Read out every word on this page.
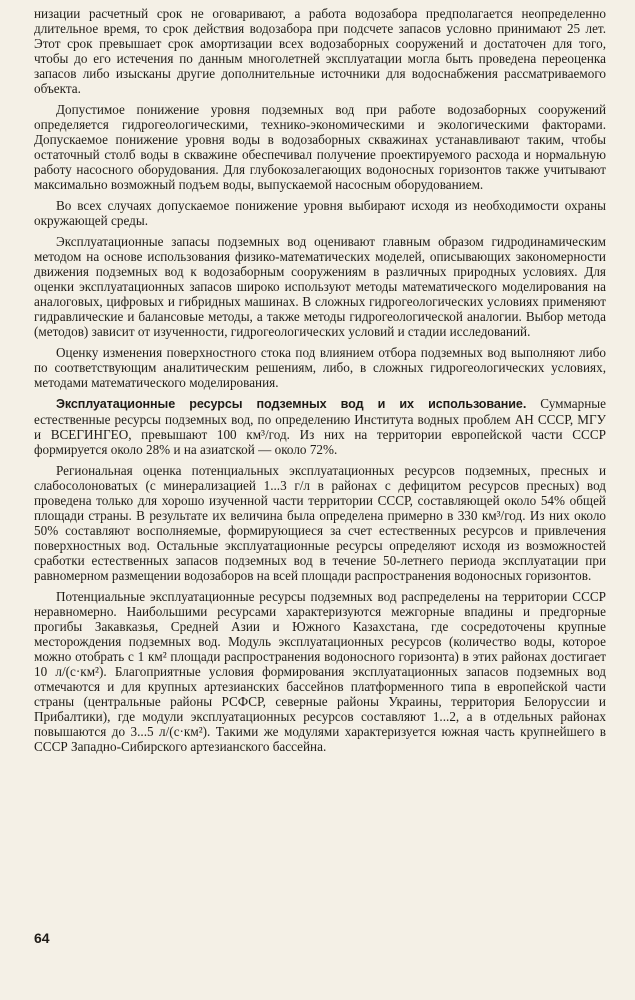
низации расчетный срок не оговаривают, а работа водозабора предполагается неопределенно длительное время, то срок действия водозабора при подсчете запасов условно принимают 25 лет. Этот срок превышает срок амортизации всех водозаборных сооружений и достаточен для того, чтобы до его истечения по данным многолетней эксплуатации могла быть проведена переоценка запасов либо изысканы другие дополнительные источники для водоснабжения рассматриваемого объекта.

Допустимое понижение уровня подземных вод при работе водозаборных сооружений определяется гидрогеологическими, технико-экономическими и экологическими факторами. Допускаемое понижение уровня воды в водозаборных скважинах устанавливают таким, чтобы остаточный столб воды в скважине обеспечивал получение проектируемого расхода и нормальную работу насосного оборудования. Для глубокозалегающих водоносных горизонтов также учитывают максимально возможный подъем воды, выпускаемой насосным оборудованием.

Во всех случаях допускаемое понижение уровня выбирают исходя из необходимости охраны окружающей среды.

Эксплуатационные запасы подземных вод оценивают главным образом гидродинамическим методом на основе использования физико-математических моделей, описывающих закономерности движения подземных вод к водозаборным сооружениям в различных природных условиях. Для оценки эксплуатационных запасов широко используют методы математического моделирования на аналоговых, цифровых и гибридных машинах. В сложных гидрогеологических условиях применяют гидравлические и балансовые методы, а также методы гидрогеологической аналогии. Выбор метода (методов) зависит от изученности, гидрогеологических условий и стадии исследований.

Оценку изменения поверхностного стока под влиянием отбора подземных вод выполняют либо по соответствующим аналитическим решениям, либо, в сложных гидрогеологических условиях, методами математического моделирования.

Эксплуатационные ресурсы подземных вод и их использование. Суммарные естественные ресурсы подземных вод, по определению Института водных проблем АН СССР, МГУ и ВСЕГИНГЕО, превышают 100 км³/год. Из них на территории европейской части СССР формируется около 28% и на азиатской — около 72%.

Региональная оценка потенциальных эксплуатационных ресурсов подземных, пресных и слабосолоноватых (с минерализацией 1...3 г/л в районах с дефицитом ресурсов пресных) вод проведена только для хорошо изученной части территории СССР, составляющей около 54% общей площади страны. В результате их величина была определена примерно в 330 км³/год. Из них около 50% составляют восполняемые, формирующиеся за счет естественных ресурсов и привлечения поверхностных вод. Остальные эксплуатационные ресурсы определяют исходя из возможностей сработки естественных запасов подземных вод в течение 50-летнего периода эксплуатации при равномерном размещении водозаборов на всей площади распространения водоносных горизонтов.

Потенциальные эксплуатационные ресурсы подземных вод распределены на территории СССР неравномерно. Наибольшими ресурсами характеризуются межгорные впадины и предгорные прогибы Закавказья, Средней Азии и Южного Казахстана, где сосредоточены крупные месторождения подземных вод. Модуль эксплуатационных ресурсов (количество воды, которое можно отобрать с 1 км² площади распространения водоносного горизонта) в этих районах достигает 10 л/(с·км²). Благоприятные условия формирования эксплуатационных запасов подземных вод отмечаются и для крупных артезианских бассейнов платформенного типа в европейской части страны (центральные районы РСФСР, северные районы Украины, территория Белоруссии и Прибалтики), где модули эксплуатационных ресурсов составляют 1...2, а в отдельных районах повышаются до 3...5 л/(с·км²). Такими же модулями характеризуется южная часть крупнейшего в СССР Западно-Сибирского артезианского бассейна.

64
